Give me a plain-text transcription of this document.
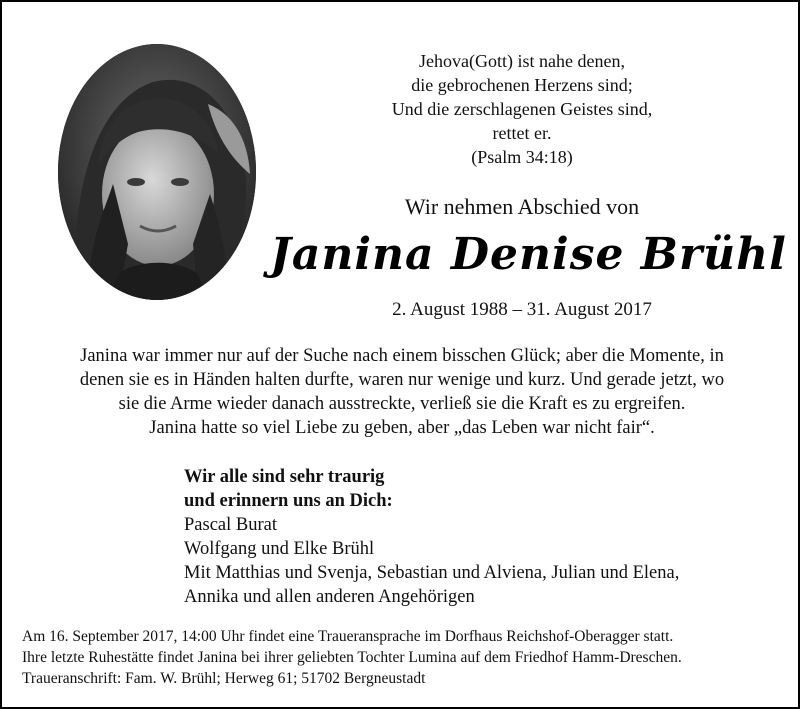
Jehova(Gott) ist nahe denen,
die gebrochenen Herzens sind;
Und die zerschlagenen Geistes sind,
rettet er.
(Psalm 34:18)
Wir nehmen Abschied von
Janina Denise Brühl
2. August 1988 – 31. August 2017
Janina war immer nur auf der Suche nach einem bisschen Glück; aber die Momente, in
denen sie es in Händen halten durfte, waren nur wenige und kurz. Und gerade jetzt, wo
sie die Arme wieder danach ausstreckte, verließ sie die Kraft es zu ergreifen.
Janina hatte so viel Liebe zu geben, aber „das Leben war nicht fair“.
Wir alle sind sehr traurig
und erinnern uns an Dich:
Pascal Burat
Wolfgang und Elke Brühl
Mit Matthias und Svenja, Sebastian und Alviena, Julian und Elena,
Annika und allen anderen Angehörigen
Am 16. September 2017, 14:00 Uhr findet eine Traueransprache im Dorfhaus Reichshof-Oberagger statt.
Ihre letzte Ruhestätte findet Janina bei ihrer geliebten Tochter Lumina auf dem Friedhof Hamm-Dreschen.
Traueranschrift: Fam. W. Brühl; Herweg 61; 51702 Bergneustadt
